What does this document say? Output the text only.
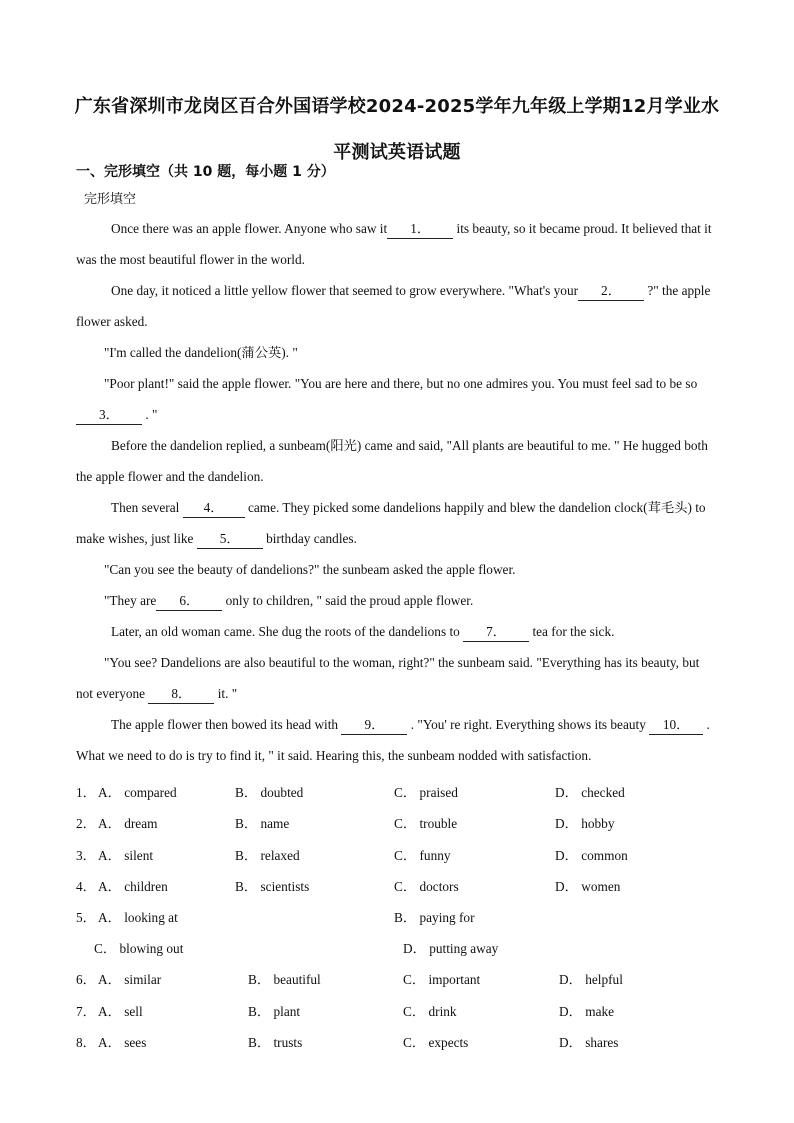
广东省深圳市龙岗区百合外国语学校2024-2025学年九年级上学期12月学业水
平测试英语试题
一、完形填空（共 10 题，每小题 1 分）
完形填空

Once there was an apple flower. Anyone who saw it 1． its beauty, so it became proud. It believed that it was the most beautiful flower in the world.

One day, it noticed a little yellow flower that seemed to grow everywhere. "What's your 2． ?" the apple flower asked.

"I'm called the dandelion(蒲公英). "

"Poor plant!" said the apple flower. "You are here and there, but no one admires you. You must feel sad to be so 3． . "

Before the dandelion replied, a sunbeam(阳光) came and said, "All plants are beautiful to me. " He hugged both the apple flower and the dandelion.

Then several 4． came. They picked some dandelions happily and blew the dandelion clock(茸毛头) to make wishes, just like 5． birthday candles.

"Can you see the beauty of dandelions?" the sunbeam asked the apple flower.

"They are 6． only to children, " said the proud apple flower.

Later, an old woman came. She dug the roots of the dandelions to 7． tea for the sick.

"You see? Dandelions are also beautiful to the woman, right?" the sunbeam said. "Everything has its beauty, but not everyone 8． it. "

The apple flower then bowed its head with 9． . "You' re right. Everything shows its beauty 10． . What we need to do is try to find it, " it said. Hearing this, the sunbeam nodded with satisfaction.

1． A． compared	B． doubted	C． praised	D． checked
2． A． dream	B． name	C． trouble	D． hobby
3． A． silent	B． relaxed	C． funny	D． common
4． A． children	B． scientists	C． doctors	D． women
5． A． looking at	B． paying for
C． blowing out	D． putting away
6． A． similar	B． beautiful	C． important	D． helpful
7． A． sell	B． plant	C． drink	D． make
8． A． sees	B． trusts	C． expects	D． shares
